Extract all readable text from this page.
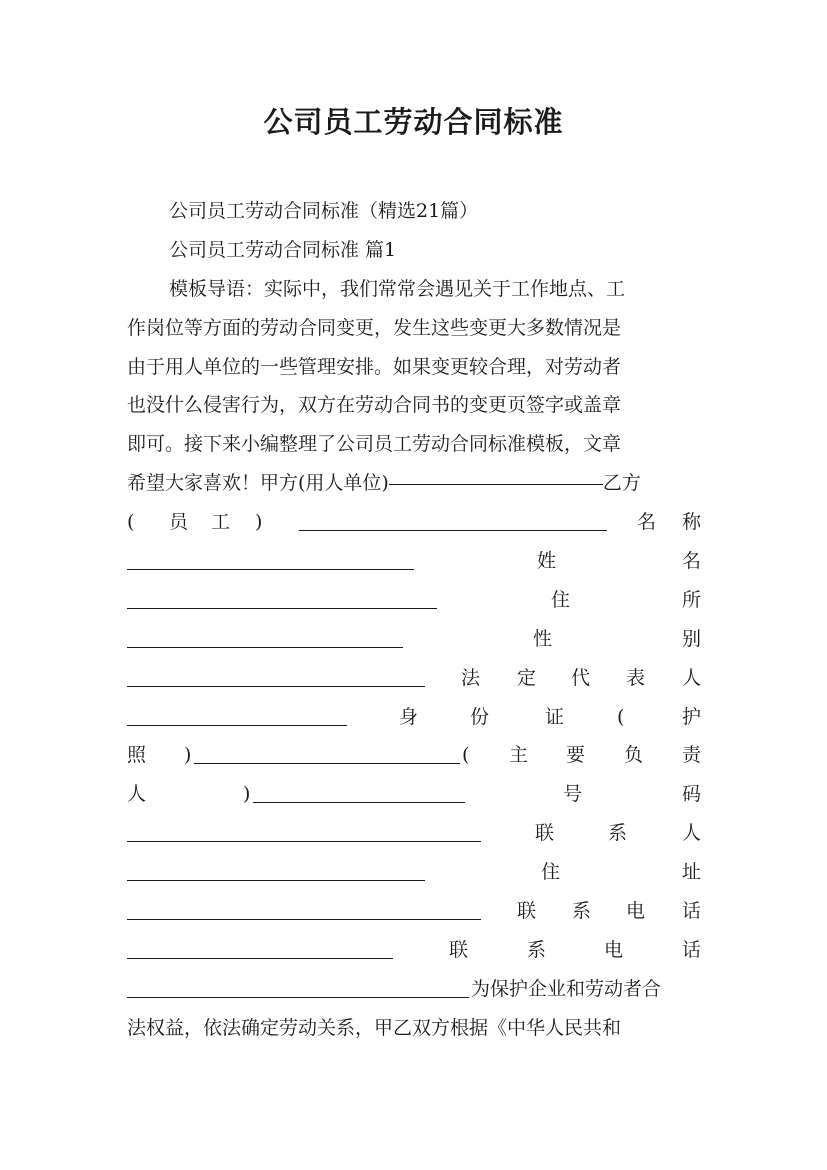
公司员工劳动合同标准
公司员工劳动合同标准（精选21篇）
公司员工劳动合同标准 篇1
模板导语：实际中，我们常常会遇见关于工作地点、工
作岗位等方面的劳动合同变更，发生这些变更大多数情况是
由于用人单位的一些管理安排。如果变更较合理，对劳动者
也没什么侵害行为，双方在劳动合同书的变更页签字或盖章
即可。接下来小编整理了公司员工劳动合同标准模板，文章
希望大家喜欢！甲方(用人单位)	乙方
( 员 工 )	名 称
姓	名
住	所
性	别
法 定 代 表 人
身	份	证	(	护
照 )	( 主 要 负 责
人	)	号	码
联	系	人
住	址
联 系 电 话
联	系	电	话
为保护企业和劳动者合
法权益，依法确定劳动关系，甲乙双方根据《中华人民共和
